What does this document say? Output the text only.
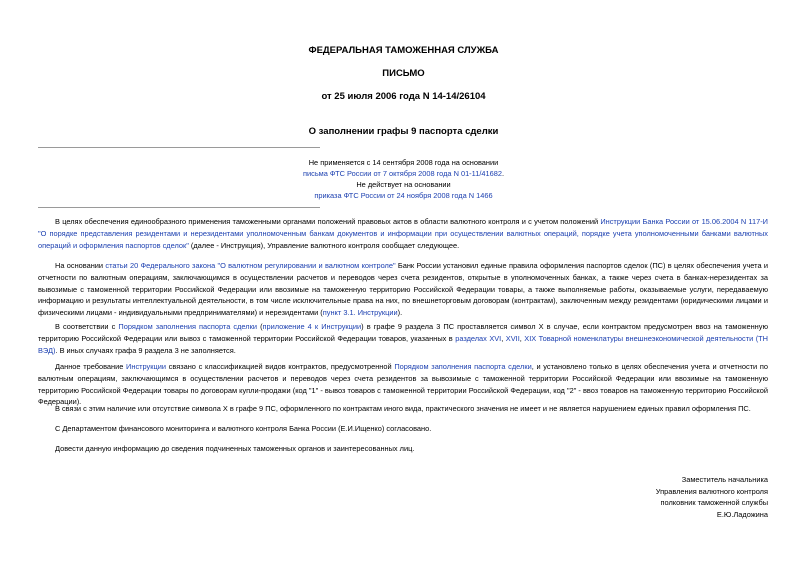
ФЕДЕРАЛЬНАЯ ТАМОЖЕННАЯ СЛУЖБА
ПИСЬМО
от 25 июля 2006 года N 14-14/26104
О заполнении графы 9 паспорта сделки
Не применяется с 14 сентября 2008 года на основании
письма ФТС России от 7 октября 2008 года N 01-11/41682.
Не действует на основании
приказа ФТС России от 24 ноября 2008 года N 1466
В целях обеспечения единообразного применения таможенными органами положений правовых актов в области валютного контроля и с учетом положений Инструкции Банка России от 15.06.2004 N 117-И "О порядке представления резидентами и нерезидентами уполномоченным банкам документов и информации при осуществлении валютных операций, порядке учета уполномоченными банками валютных операций и оформления паспортов сделок" (далее - Инструкция), Управление валютного контроля сообщает следующее.
На основании статьи 20 Федерального закона "О валютном регулировании и валютном контроле" Банк России установил единые правила оформления паспортов сделок (ПС) в целях обеспечения учета и отчетности по валютным операциям, заключающимся в осуществлении расчетов и переводов через счета резидентов, открытые в уполномоченных банках, а также через счета в банках-нерезидентах за вывозимые с таможенной территории Российской Федерации или ввозимые на таможенную территорию Российской Федерации товары, а также выполняемые работы, оказываемые услуги, передаваемую информацию и результаты интеллектуальной деятельности, в том числе исключительные права на них, по внешнеторговым договорам (контрактам), заключенным между резидентами (юридическими лицами и физическими лицами - индивидуальными предпринимателями) и нерезидентами (пункт 3.1. Инструкции).
В соответствии с Порядком заполнения паспорта сделки (приложение 4 к Инструкции) в графе 9 раздела 3 ПС проставляется символ Х в случае, если контрактом предусмотрен ввоз на таможенную территорию Российской Федерации или вывоз с таможенной территории Российской Федерации товаров, указанных в разделах XVI, XVII, XIX Товарной номенклатуры внешнеэкономической деятельности (ТН ВЭД). В иных случаях графа 9 раздела 3 не заполняется.
Данное требование Инструкции связано с классификацией видов контрактов, предусмотренной Порядком заполнения паспорта сделки, и установлено только в целях обеспечения учета и отчетности по валютным операциям, заключающимся в осуществлении расчетов и переводов через счета резидентов за вывозимые с таможенной территории Российской Федерации или ввозимые на таможенную территорию Российской Федерации товары по договорам купли-продажи (код "1" - вывоз товаров с таможенной территории Российской Федерации, код "2" - ввоз товаров на таможенную территорию Российской Федерации).
В связи с этим наличие или отсутствие символа Х в графе 9 ПС, оформленного по контрактам иного вида, практического значения не имеет и не является нарушением единых правил оформления ПС.
С Департаментом финансового мониторинга и валютного контроля Банка России (Е.И.Ищенко) согласовано.
Довести данную информацию до сведения подчиненных таможенных органов и заинтересованных лиц.
Заместитель начальника
Управления валютного контроля
полковник таможенной службы
Е.Ю.Ладожина
